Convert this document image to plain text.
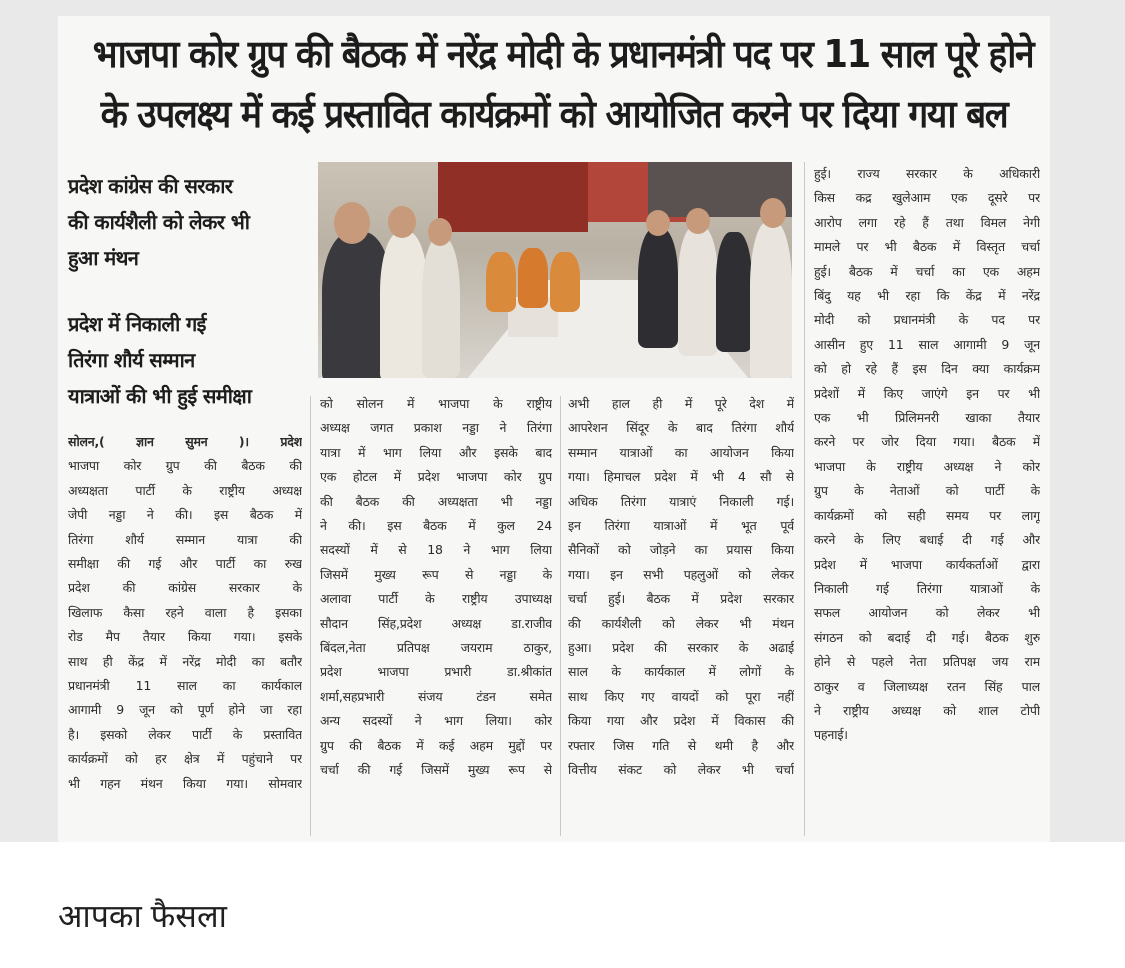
भाजपा कोर ग्रुप की बैठक में नरेंद्र मोदी के प्रधानमंत्री पद पर 11 साल पूरे होने
के उपलक्ष्य में कई प्रस्तावित कार्यक्रमों को आयोजित करने पर दिया गया बल
प्रदेश कांग्रेस की सरकार
की कार्यशैली को लेकर भी
हुआ मंथन
प्रदेश में निकाली गई
तिरंगा शौर्य सम्मान
यात्राओं की भी हुई समीक्षा
सोलन,( ज्ञान सुमन )। प्रदेश
भाजपा कोर ग्रुप की बैठक की
अध्यक्षता पार्टी के राष्ट्रीय अध्यक्ष
जेपी नड्डा ने की। इस बैठक में
तिरंगा शौर्य सम्मान यात्रा की
समीक्षा की गई और पार्टी का रुख
प्रदेश की कांग्रेस सरकार के
खिलाफ कैसा रहने वाला है इसका
रोड मैप तैयार किया गया। इसके
साथ ही केंद्र में नरेंद्र मोदी का बतौर
प्रधानमंत्री 11 साल का कार्यकाल
आगामी 9 जून को पूर्ण होने जा रहा
है। इसको लेकर पार्टी के प्रस्तावित
कार्यक्रमों को हर क्षेत्र में पहुंचाने पर
भी गहन मंथन किया गया। सोमवार
को सोलन में भाजपा के राष्ट्रीय
अध्यक्ष जगत प्रकाश नड्डा ने तिरंगा
यात्रा में भाग लिया और इसके बाद
एक होटल में प्रदेश भाजपा कोर ग्रुप
की बैठक की अध्यक्षता भी नड्डा
ने की। इस बैठक में कुल 24
सदस्यों में से 18 ने भाग लिया
जिसमें मुख्य रूप से नड्डा के
अलावा पार्टी के राष्ट्रीय उपाध्यक्ष
सौदान सिंह,प्रदेश अध्यक्ष डा.राजीव
बिंदल,नेता प्रतिपक्ष जयराम ठाकुर,
प्रदेश भाजपा प्रभारी डा.श्रीकांत
शर्मा,सहप्रभारी संजय टंडन समेत
अन्य सदस्यों ने भाग लिया। कोर
ग्रुप की बैठक में कई अहम मुद्दों पर
चर्चा की गई जिसमें मुख्य रूप से
अभी हाल ही में पूरे देश में
आपरेशन सिंदूर के बाद तिरंगा शौर्य
सम्मान यात्राओं का आयोजन किया
गया। हिमाचल प्रदेश में भी 4 सौ से
अधिक तिरंगा यात्राएं निकाली गई।
इन तिरंगा यात्राओं में भूत पूर्व
सैनिकों को जोड़ने का प्रयास किया
गया। इन सभी पहलुओं को लेकर
चर्चा हुई। बैठक में प्रदेश सरकार
की कार्यशैली को लेकर भी मंथन
हुआ। प्रदेश की सरकार के अढाई
साल के कार्यकाल में लोगों के
साथ किए गए वायदों को पूरा नहीं
किया गया और प्रदेश में विकास की
रफ्तार जिस गति से थमी है और
वित्तीय संकट को लेकर भी चर्चा
हुई। राज्य सरकार के अधिकारी
किस कद्र खुलेआम एक दूसरे पर
आरोप लगा रहे हैं तथा विमल नेगी
मामले पर भी बैठक में विस्तृत चर्चा
हुई। बैठक में चर्चा का एक अहम
बिंदु यह भी रहा कि केंद्र में नरेंद्र
मोदी को प्रधानमंत्री के पद पर
आसीन हुए 11 साल आगामी 9 जून
को हो रहे हैं इस दिन क्या कार्यक्रम
प्रदेशों में किए जाएंगे इन पर भी
एक भी प्रिलिमनरी खाका तैयार
करने पर जोर दिया गया। बैठक में
भाजपा के राष्ट्रीय अध्यक्ष ने कोर
ग्रुप के नेताओं को पार्टी के
कार्यक्रमों को सही समय पर लागू
करने के लिए बधाई दी गई और
प्रदेश में भाजपा कार्यकर्ताओं द्वारा
निकाली गई तिरंगा यात्राओं के
सफल आयोजन को लेकर भी
संगठन को बदाई दी गई। बैठक शुरु
होने से पहले नेता प्रतिपक्ष जय राम
ठाकुर व जिलाध्यक्ष रतन सिंह पाल
ने राष्ट्रीय अध्यक्ष को शाल टोपी
पहनाई।

आपका फैसला
